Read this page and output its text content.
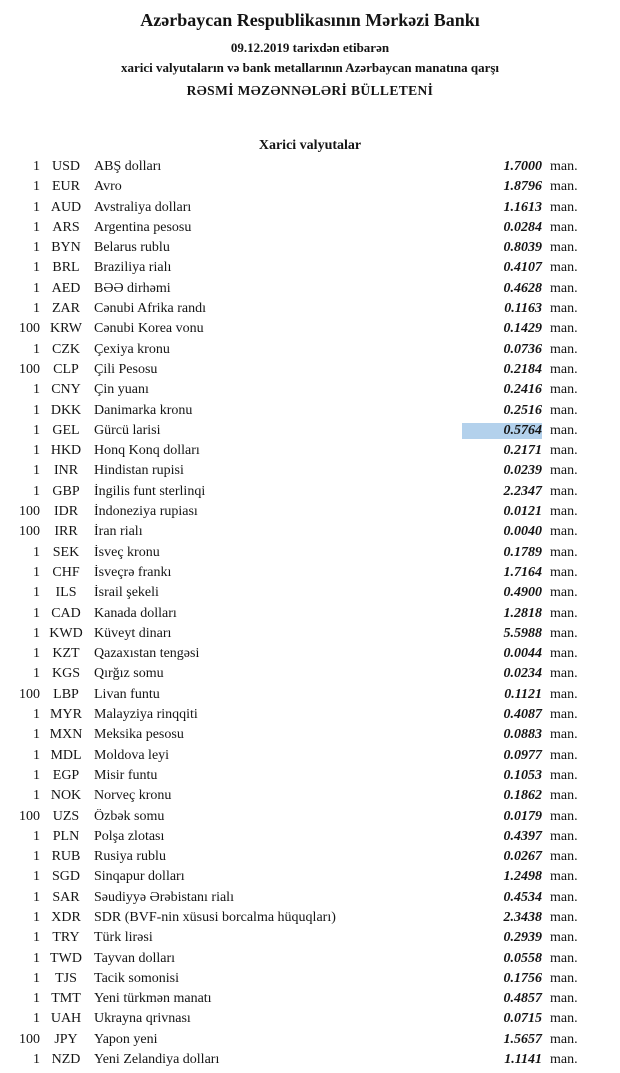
Azərbaycan Respublikasının Mərkəzi Bankı
09.12.2019 tarixdən etibarən
xarici valyutaların və bank metallarının Azərbaycan manatına qarşı
RƏSMİ MƏZƏNNƏLƏRİ BÜLLETENİ
Xarici valyutalar
1 USD	ABŞ dolları	1.7000 man.
1 EUR	Avro	1.8796 man.
1 AUD Avstraliya dolları	1.1613 man.
1 ARS	Argentina pesosu	0.0284 man.
1 BYN Belarus rublu	0.8039 man.
1 BRL	Braziliya rialı	0.4107 man.
1 AED BƏƏ dirhəmi	0.4628 man.
1 ZAR	Cənubi Afrika randı	0.1163 man.
100 KRW Cənubi Korea vonu	0.1429 man.
1 CZK	Çexiya kronu	0.0736 man.
100 CLP	Çili Pesosu	0.2184 man.
1 CNY Çin yuanı	0.2416 man.
1 DKK Danimarka kronu	0.2516 man.
1 GEL	Gürcü larisi	0.5764 man.
1 HKD Honq Konq dolları	0.2171 man.
1 INR	Hindistan rupisi	0.0239 man.
1 GBP	İngilis funt sterlinqi	2.2347 man.
100 IDR	İndoneziya rupiası	0.0121 man.
100	IRR	İran rialı	0.0040 man.
1 SEK	İsveç kronu	0.1789 man.
1 CHF	İsveçrə frankı	1.7164 man.
1	ILS	İsrail şekeli	0.4900 man.
1 CAD Kanada dolları	1.2818 man.
1 KWD Küveyt dinarı	5.5988 man.
1 KZT	Qazaxıstan tengəsi	0.0044 man.
1 KGS	Qırğız somu	0.0234 man.
100 LBP	Livan funtu	0.1121 man.
1 MYR Malayziya rinqqiti	0.4087 man.
1 MXN Meksika pesosu	0.0883 man.
1 MDL Moldova leyi	0.0977 man.
1 EGP	Misir funtu	0.1053 man.
1 NOK Norveç kronu	0.1862 man.
100 UZS	Özbək somu	0.0179 man.
1 PLN	Polşa zlotası	0.4397 man.
1 RUB Rusiya rublu	0.0267 man.
1 SGD	Sinqapur dolları	1.2498 man.
1 SAR	Səudiyyə Ərəbistanı rialı	0.4534 man.
1 XDR SDR (BVF-nin xüsusi borcalma hüquqları)	2.3438 man.
1 TRY	Türk lirəsi	0.2939 man.
1 TWD Tayvan dolları	0.0558 man.
1	TJS	Tacik somonisi	0.1756 man.
1 TMT Yeni türkmən manatı	0.4857 man.
1 UAH Ukrayna qrivnası	0.0715 man.
100	JPY	Yapon yeni	1.5657 man.
1 NZD Yeni Zelandiya dolları	1.1141 man.
